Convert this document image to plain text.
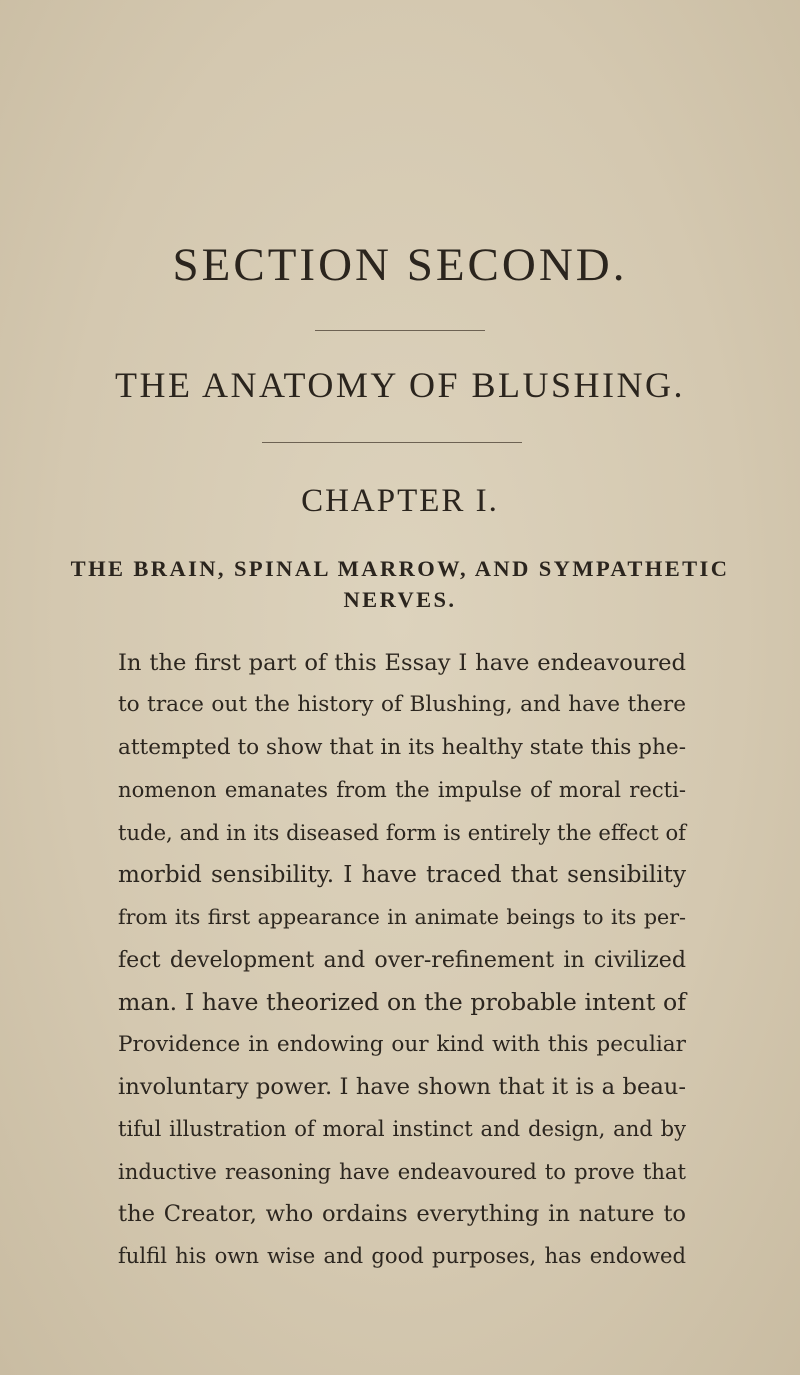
SECTION SECOND.
THE ANATOMY OF BLUSHING.
CHAPTER I.
THE BRAIN, SPINAL MARROW, AND SYMPATHETIC
NERVES.
In the first part of this Essay I have endeavoured
to trace out the history of Blushing, and have there
attempted to show that in its healthy state this phe-
nomenon emanates from the impulse of moral recti-
tude, and in its diseased form is entirely the effect of
morbid sensibility. I have traced that sensibility
from its first appearance in animate beings to its per-
fect development and over-refinement in civilized
man. I have theorized on the probable intent of
Providence in endowing our kind with this peculiar
involuntary power. I have shown that it is a beau-
tiful illustration of moral instinct and design, and by
inductive reasoning have endeavoured to prove that
the Creator, who ordains everything in nature to
fulfil his own wise and good purposes, has endowed
